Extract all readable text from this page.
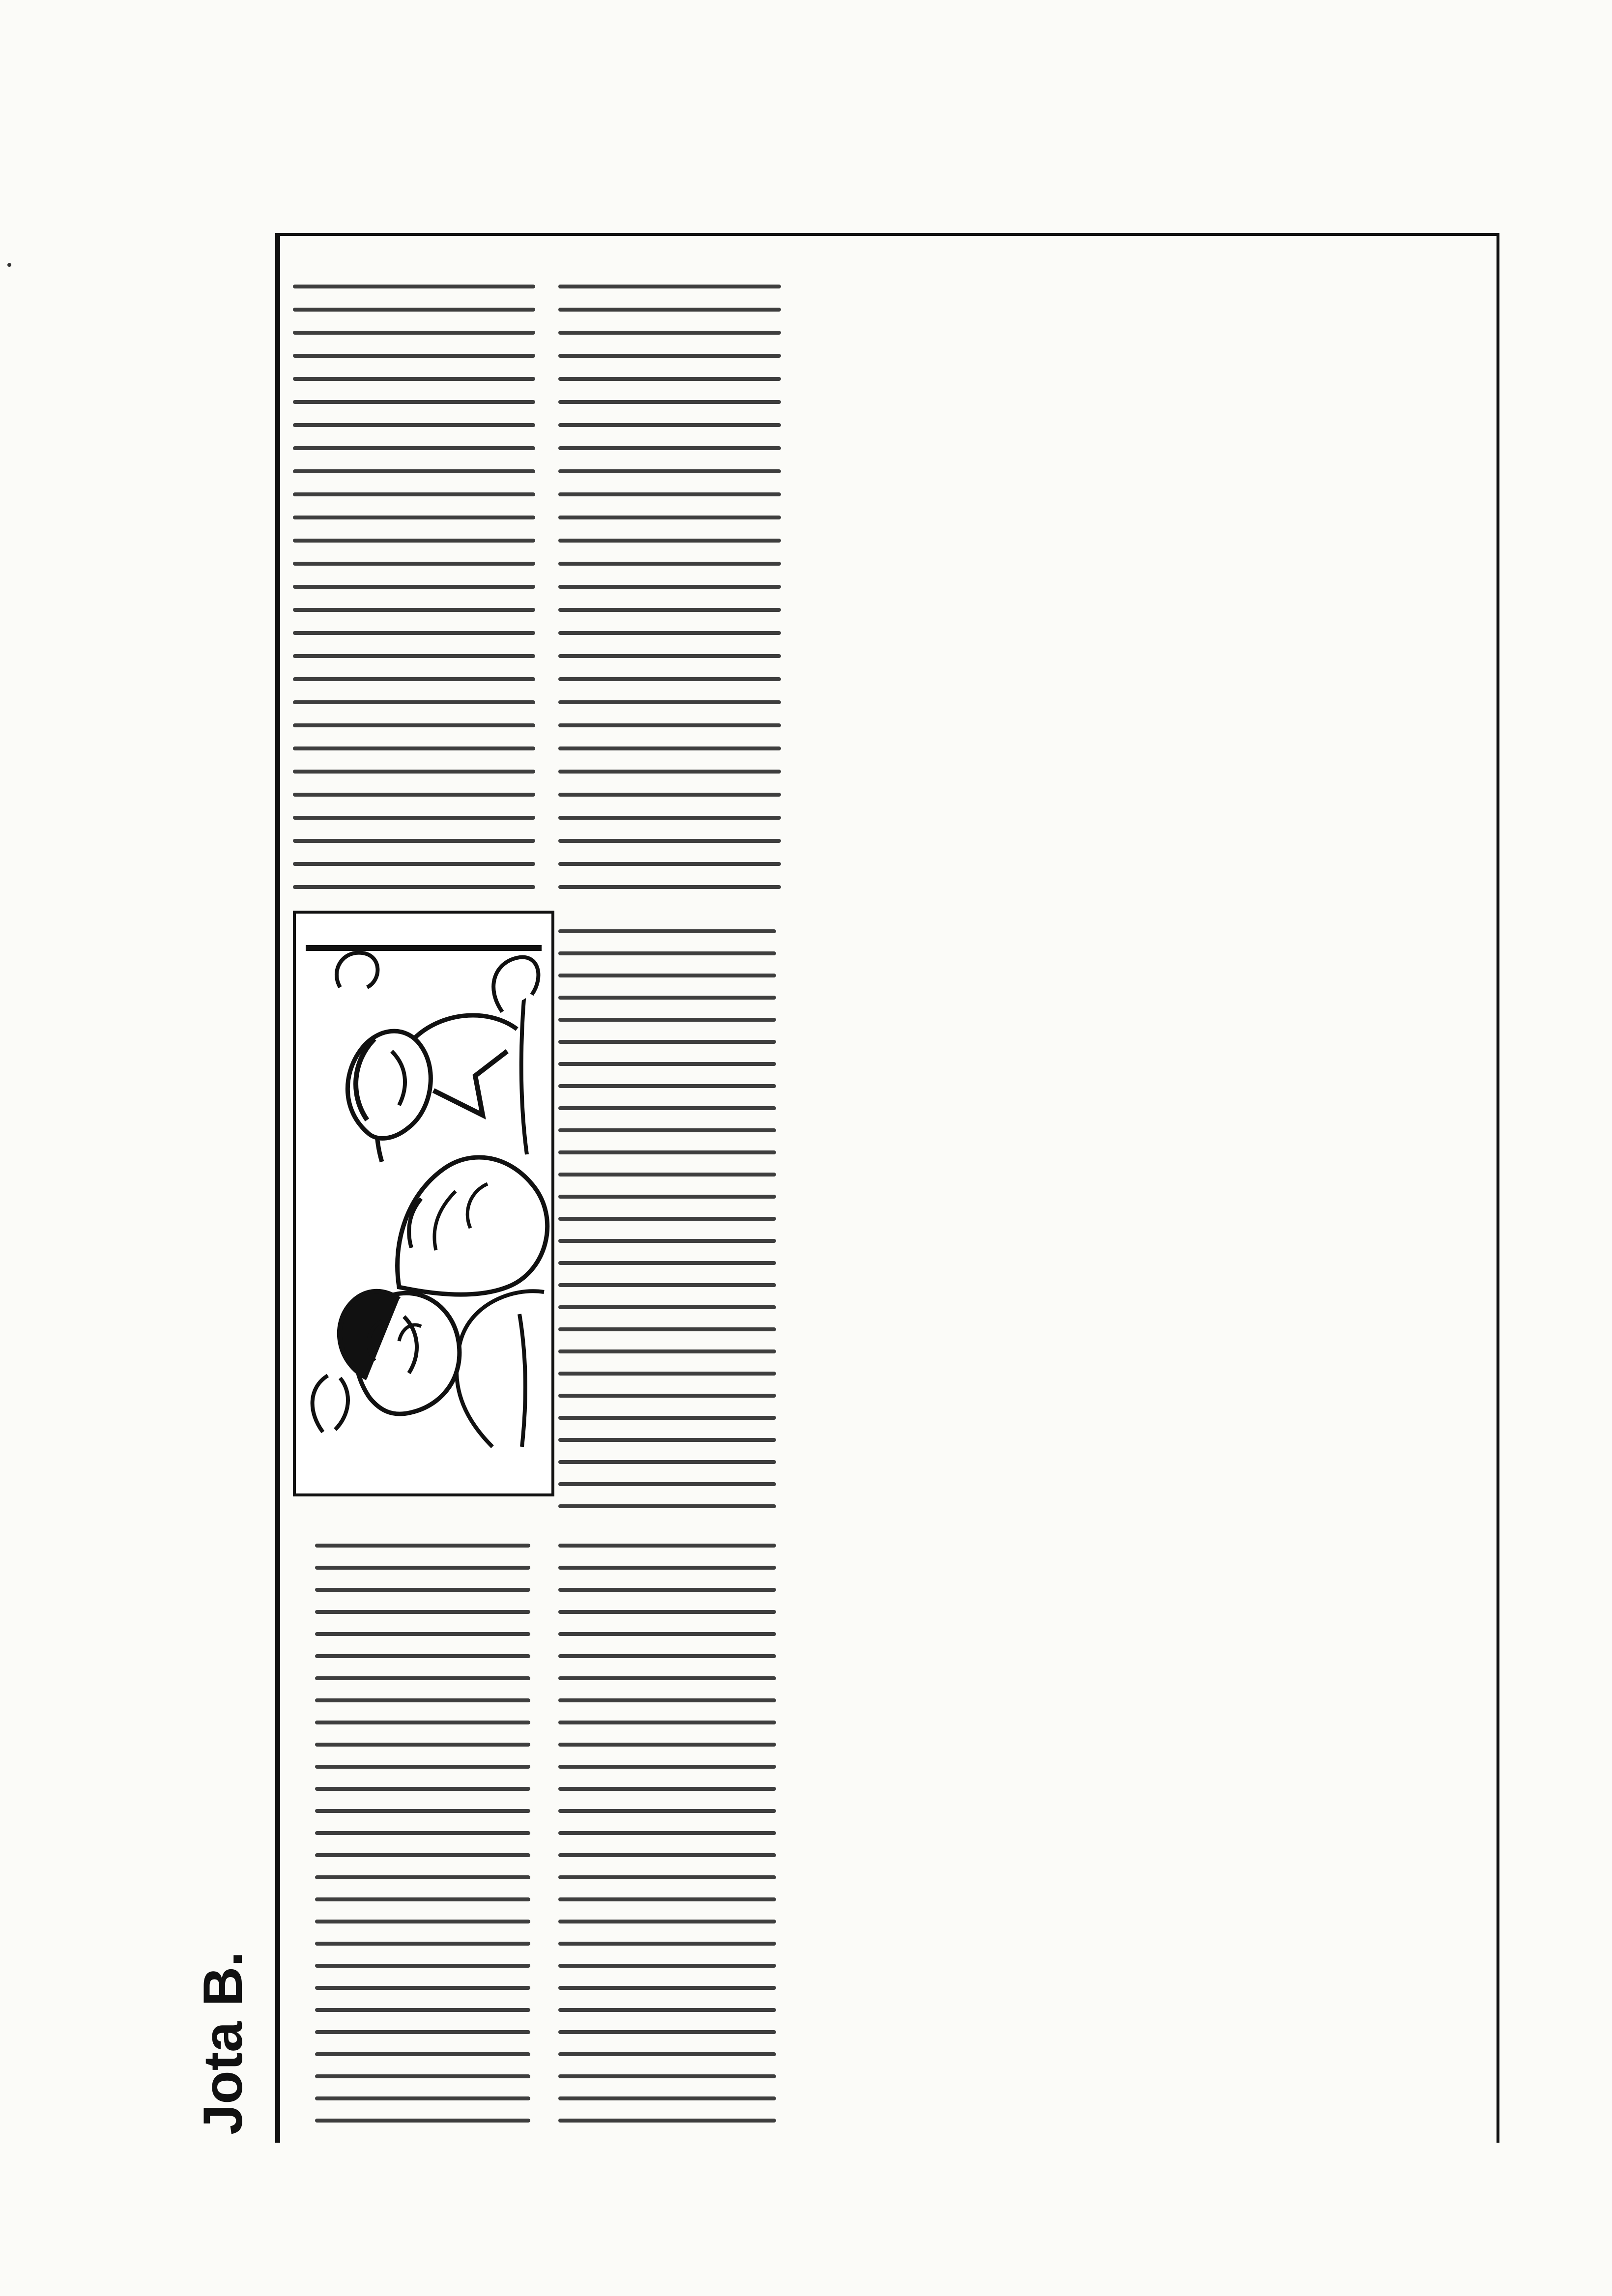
Jota B.
